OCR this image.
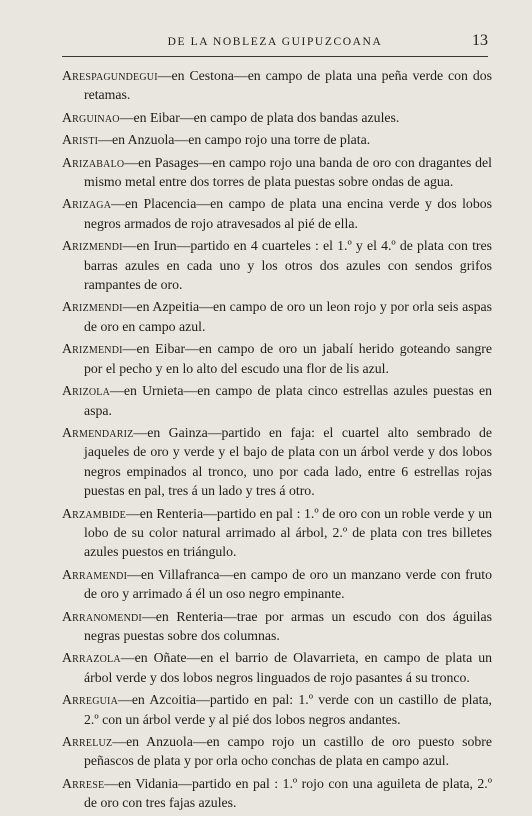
DE LA NOBLEZA GUIPUZCOANA	13

Arespagundegui—en Cestona—en campo de plata una peña verde con dos retamas.

Arguinao—en Eibar—en campo de plata dos bandas azules.

Aristi—en Anzuola—en campo rojo una torre de plata.

Arizabalo—en Pasages—en campo rojo una banda de oro con dragantes del mismo metal entre dos torres de plata puestas sobre ondas de agua.

Arizaga—en Placencia—en campo de plata una encina verde y dos lobos negros armados de rojo atravesados al pié de ella.

Arizmendi—en Irun—partido en 4 cuarteles : el 1.º y el 4.º de plata con tres barras azules en cada uno y los otros dos azules con sendos grifos rampantes de oro.

Arizmendi—en Azpeitia—en campo de oro un leon rojo y por orla seis aspas de oro en campo azul.

Arizmendi—en Eibar—en campo de oro un jabalí herido goteando sangre por el pecho y en lo alto del escudo una flor de lis azul.

Arizola—en Urnieta—en campo de plata cinco estrellas azules puestas en aspa.

Armendariz—en Gainza—partido en faja: el cuartel alto sembrado de jaqueles de oro y verde y el bajo de plata con un árbol verde y dos lobos negros empinados al tronco, uno por cada lado, entre 6 estrellas rojas puestas en pal, tres á un lado y tres á otro.

Arzambide—en Renteria—partido en pal : 1.º de oro con un roble verde y un lobo de su color natural arrimado al árbol, 2.º de plata con tres billetes azules puestos en triángulo.

Arramendi—en Villafranca—en campo de oro un manzano verde con fruto de oro y arrimado á él un oso negro empinante.

Arranomendi—en Renteria—trae por armas un escudo con dos águilas negras puestas sobre dos columnas.

Arrazola—en Oñate—en el barrio de Olavarrieta, en campo de plata un árbol verde y dos lobos negros linguados de rojo pasantes á su tronco.

Arreguia—en Azcoitia—partido en pal: 1.º verde con un castillo de plata, 2.º con un árbol verde y al pié dos lobos negros andantes.

Arreluz—en Anzuola—en campo rojo un castillo de oro puesto sobre peñascos de plata y por orla ocho conchas de plata en campo azul.

Arrese—en Vidania—partido en pal : 1.º rojo con una aguileta de plata, 2.º de oro con tres fajas azules.
